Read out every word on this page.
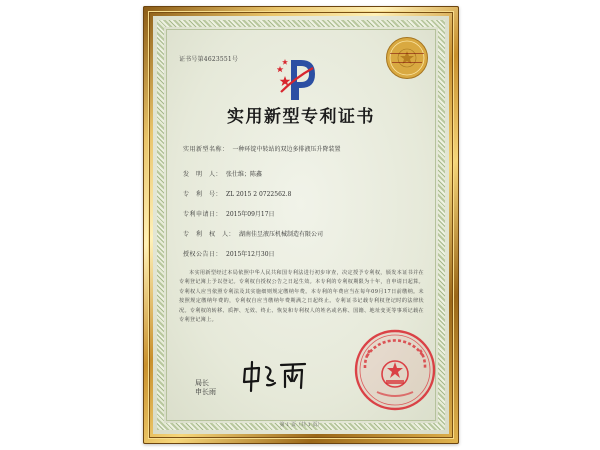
证书号第4623551号
实用新型专利证书
实用新型名称： 一种环锭中转站的双边多排液压升降装置
发　明　人： 张仕维；陈鑫
专　利　号： ZL 2015 2 0722562.8
专利申请日： 2015年09月17日
专　利　权　人： 湖南佳昱液压机械制造有限公司
授权公告日： 2015年12月30日
本实用新型经过本局依照中华人民共和国专利法进行初步审查，决定授予专利权，颁发本证书并在专利登记簿上予以登记。专利权自授权公告之日起生效。本专利的专利权期限为十年，自申请日起算。专利权人应当依照专利法及其实施细则规定缴纳年费。本专利的年费应当在每年09月17日前缴纳。未按照规定缴纳年费的，专利权自应当缴纳年费期满之日起终止。专利证书记载专利权登记时的法律状况。专利权的转移、质押、无效、终止、恢复和专利权人的姓名或名称、国籍、地址变更等事项记载在专利登记簿上。
局长
申长雨
第 1 页（共 1 页）
